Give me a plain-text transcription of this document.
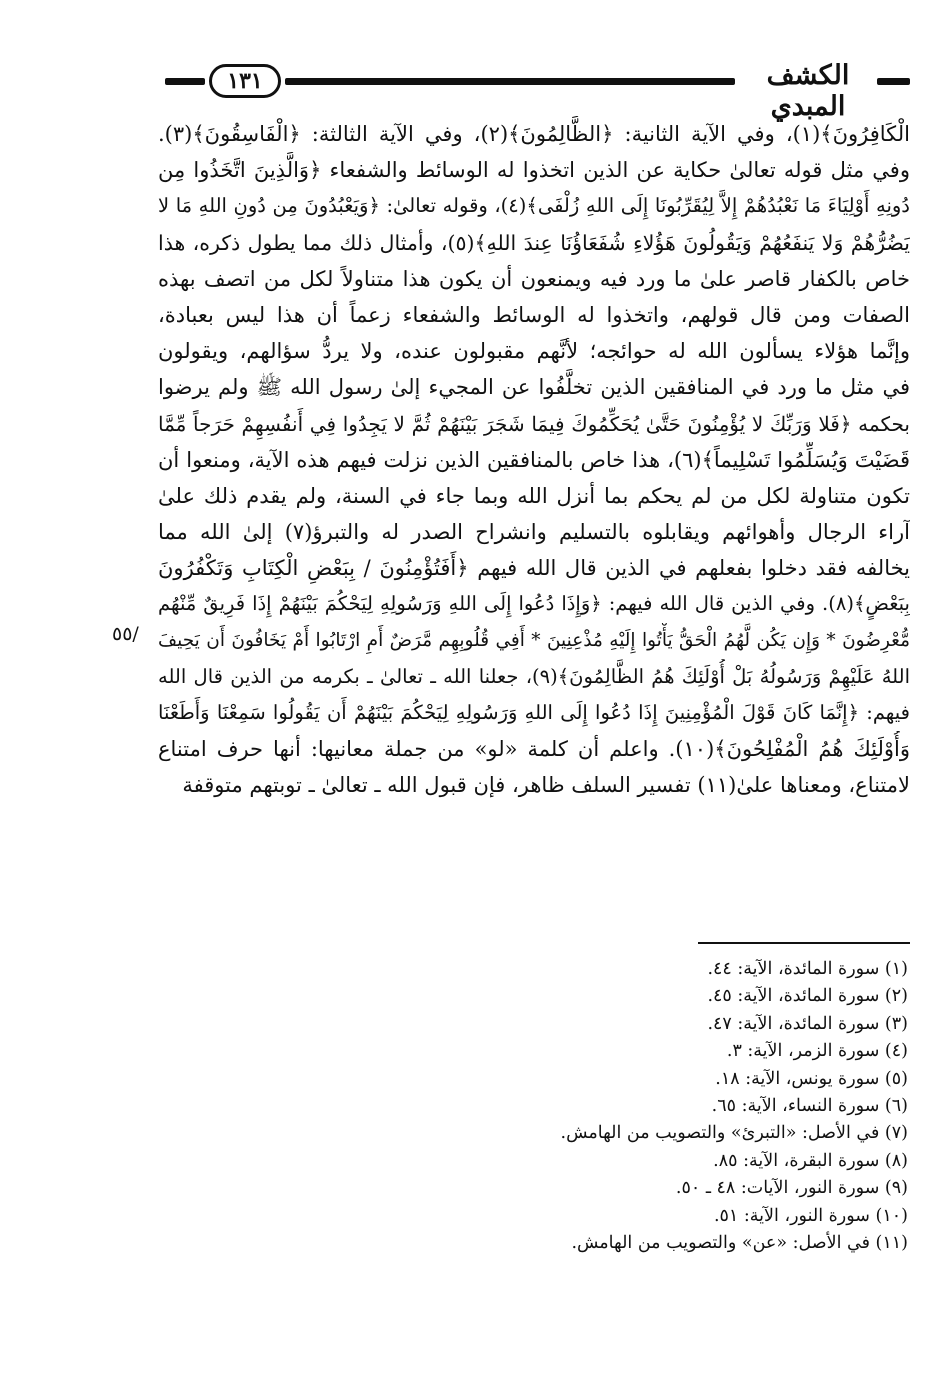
١٣١	الكشف المبدي
/٥٥
الْكَافِرُونَ﴾(١)، وفي الآية الثانية: ﴿الظَّالِمُونَ﴾(٢)، وفي الآية الثالثة: ﴿الْفَاسِقُونَ﴾(٣).
وفي مثل قوله تعالىٰ حكاية عن الذين اتخذوا له الوسائط والشفعاء ﴿وَالَّذِينَ اتَّخَذُوا مِن
دُونِهِ أَوْلِيَاءَ مَا نَعْبُدُهُمْ إِلاَّ لِيُقَرِّبُونَا إِلَى اللهِ زُلْفَى﴾(٤)، وقوله تعالىٰ: ﴿وَيَعْبُدُونَ مِن دُونِ اللهِ مَا لا
يَضُرُّهُمْ وَلا يَنفَعُهُمْ وَيَقُولُونَ هَؤُلاءِ شُفَعَاؤُنَا عِندَ اللهِ﴾(٥)، وأمثال ذلك مما يطول ذكره، هذا
خاص بالكفار قاصر علىٰ ما ورد فيه ويمنعون أن يكون هذا متناولاً لكل من اتصف بهذه
الصفات ومن قال قولهم، واتخذوا له الوسائط والشفعاء زعماً أن هذا ليس بعبادة،
وإنَّما هؤلاء يسألون الله له حوائجه؛ لأنَّهم مقبولون عنده، ولا يردُّ سؤالهم، ويقولون
في مثل ما ورد في المنافقين الذين تخلَّفُوا عن المجيء إلىٰ رسول الله ﷺ ولم يرضوا
بحكمه ﴿فَلا وَرَبِّكَ لا يُؤْمِنُونَ حَتَّىٰ يُحَكِّمُوكَ فِيمَا شَجَرَ بَيْنَهُمْ ثُمَّ لا يَجِدُوا فِي أَنفُسِهِمْ حَرَجاً مِّمَّا
قَضَيْتَ وَيُسَلِّمُوا تَسْلِيماً﴾(٦)، هذا خاص بالمنافقين الذين نزلت فيهم هذه الآية، ومنعوا أن
تكون متناولة لكل من لم يحكم بما أنزل الله وبما جاء في السنة، ولم يقدم ذلك علىٰ
آراء الرجال وأهوائهم ويقابلوه بالتسليم وانشراح الصدر له والتبرؤ(٧) إلىٰ الله مما
يخالفه فقد دخلوا بفعلهم في الذين قال الله فيهم ﴿أَفَتُؤْمِنُونَ / بِبَعْضِ الْكِتَابِ وَتَكْفُرُونَ
بِبَعْضٍ﴾(٨). وفي الذين قال الله فيهم: ﴿وَإِذَا دُعُوا إِلَى اللهِ وَرَسُولِهِ لِيَحْكُمَ بَيْنَهُمْ إِذَا فَرِيقٌ مِّنْهُم
مُّعْرِضُونَ * وَإِن يَكُن لَّهُمُ الْحَقُّ يَأْتُوا إِلَيْهِ مُذْعِنِينَ * أَفِي قُلُوبِهِم مَّرَضٌ أَمِ ارْتَابُوا أَمْ يَخَافُونَ أَن يَحِيفَ
اللهُ عَلَيْهِمْ وَرَسُولُهُ بَلْ أُوْلَئِكَ هُمُ الظَّالِمُونَ﴾(٩)، جعلنا الله ـ تعالىٰ ـ بكرمه من الذين قال الله
فيهم: ﴿إِنَّمَا كَانَ قَوْلَ الْمُؤْمِنِينَ إِذَا دُعُوا إِلَى اللهِ وَرَسُولِهِ لِيَحْكُمَ بَيْنَهُمْ أَن يَقُولُوا سَمِعْنَا وَأَطَعْنَا
وَأُوْلَئِكَ هُمُ الْمُفْلِحُونَ﴾(١٠). واعلم أن كلمة «لو» من جملة معانيها: أنها حرف امتناع
لامتناع، ومعناها علىٰ(١١) تفسير السلف ظاهر، فإن قبول الله ـ تعالىٰ ـ توبتهم متوقفة
(١) سورة المائدة، الآية: ٤٤.
(٢) سورة المائدة، الآية: ٤٥.
(٣) سورة المائدة، الآية: ٤٧.
(٤) سورة الزمر، الآية: ٣.
(٥) سورة يونس، الآية: ١٨.
(٦) سورة النساء، الآية: ٦٥.
(٧) في الأصل: «التبرئ» والتصويب من الهامش.
(٨) سورة البقرة، الآية: ٨٥.
(٩) سورة النور، الآيات: ٤٨ ـ ٥٠.
(١٠) سورة النور، الآية: ٥١.
(١١) في الأصل: «عن» والتصويب من الهامش.
